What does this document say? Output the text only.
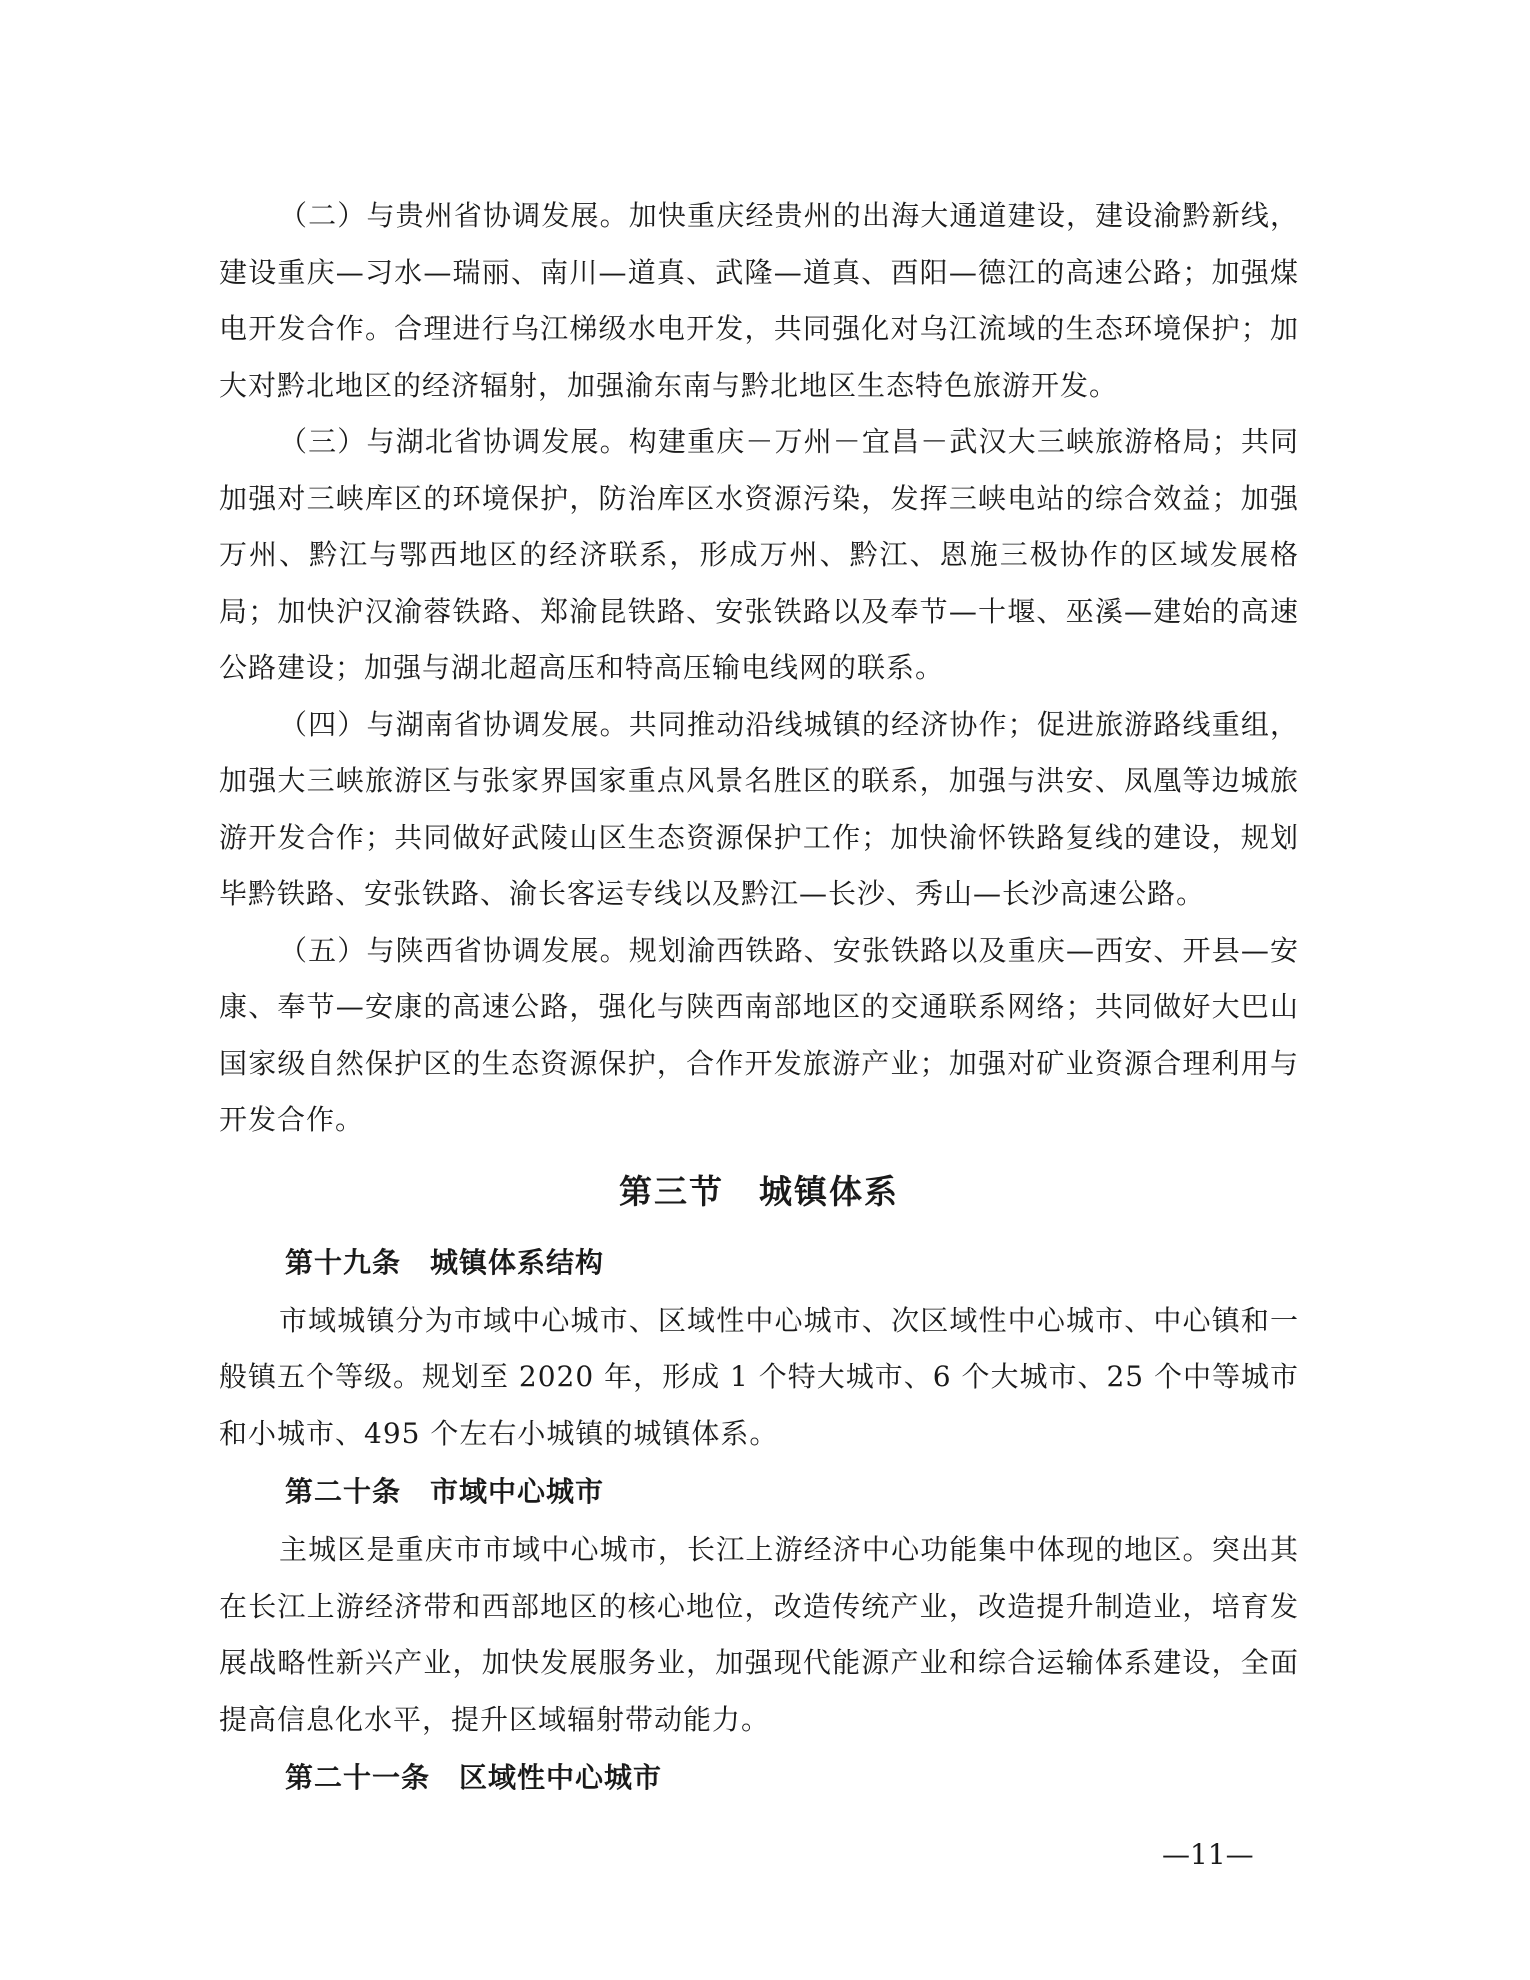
（二）与贵州省协调发展。加快重庆经贵州的出海大通道建设，建设渝黔新线，建设重庆—习水—瑞丽、南川—道真、武隆—道真、酉阳—德江的高速公路；加强煤电开发合作。合理进行乌江梯级水电开发，共同强化对乌江流域的生态环境保护；加大对黔北地区的经济辐射，加强渝东南与黔北地区生态特色旅游开发。

（三）与湖北省协调发展。构建重庆－万州－宜昌－武汉大三峡旅游格局；共同加强对三峡库区的环境保护，防治库区水资源污染，发挥三峡电站的综合效益；加强万州、黔江与鄂西地区的经济联系，形成万州、黔江、恩施三极协作的区域发展格局；加快沪汉渝蓉铁路、郑渝昆铁路、安张铁路以及奉节—十堰、巫溪—建始的高速公路建设；加强与湖北超高压和特高压输电线网的联系。

（四）与湖南省协调发展。共同推动沿线城镇的经济协作；促进旅游路线重组，加强大三峡旅游区与张家界国家重点风景名胜区的联系，加强与洪安、凤凰等边城旅游开发合作；共同做好武陵山区生态资源保护工作；加快渝怀铁路复线的建设，规划毕黔铁路、安张铁路、渝长客运专线以及黔江—长沙、秀山—长沙高速公路。

（五）与陕西省协调发展。规划渝西铁路、安张铁路以及重庆—西安、开县—安康、奉节—安康的高速公路，强化与陕西南部地区的交通联系网络；共同做好大巴山国家级自然保护区的生态资源保护，合作开发旅游产业；加强对矿业资源合理利用与开发合作。

第三节　城镇体系
第十九条　城镇体系结构

市域城镇分为市域中心城市、区域性中心城市、次区域性中心城市、中心镇和一般镇五个等级。规划至 2020 年，形成 1 个特大城市、6 个大城市、25 个中等城市和小城市、495 个左右小城镇的城镇体系。

第二十条　市域中心城市

主城区是重庆市市域中心城市，长江上游经济中心功能集中体现的地区。突出其在长江上游经济带和西部地区的核心地位，改造传统产业，改造提升制造业，培育发展战略性新兴产业，加快发展服务业，加强现代能源产业和综合运输体系建设，全面提高信息化水平，提升区域辐射带动能力。

第二十一条　区域性中心城市
—11—
